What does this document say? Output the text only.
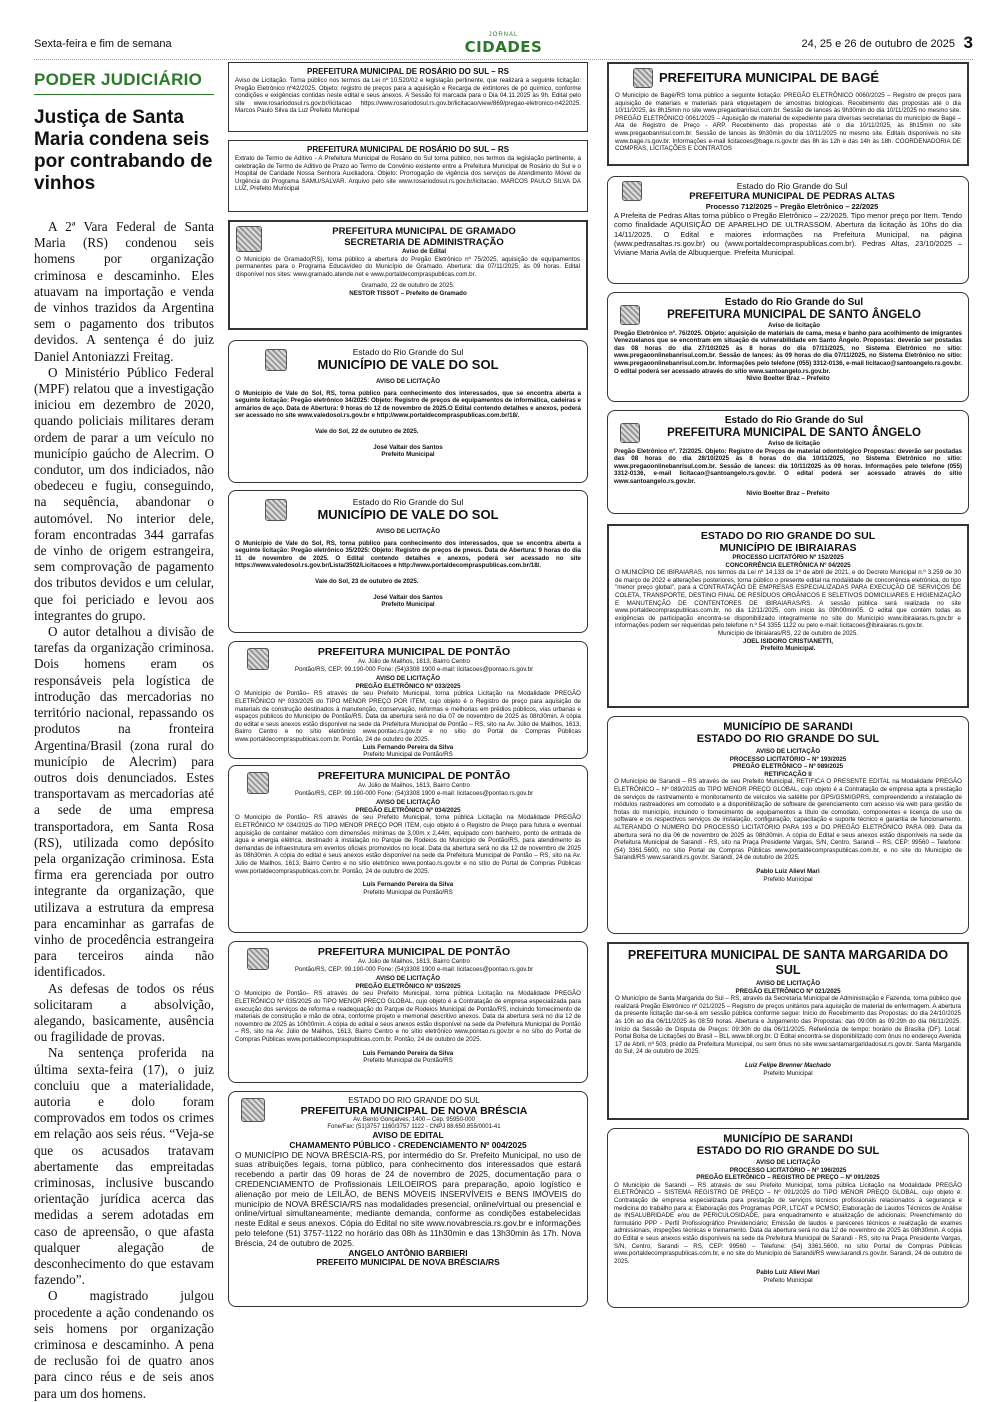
Sexta-feira e fim de semana
JORNAL
CIDADES	24, 25 e 26 de outubro de 2025 3
PODER JUDICIÁRIO
Justiça de Santa Maria condena seis por contrabando de vinhos

A 2ª Vara Federal de Santa Maria (RS) condenou seis homens por organização criminosa e descaminho. Eles atuavam na importação e venda de vinhos trazidos da Argentina sem o pagamento dos tributos devidos. A sentença é do juiz Daniel Antoniazzi Freitag.

O Ministério Público Federal (MPF) relatou que a investigação iniciou em dezembro de 2020, quando policiais militares deram ordem de parar a um veículo no município gaúcho de Alecrim. O condutor, um dos indiciados, não obedeceu e fugiu, conseguindo, na sequência, abandonar o automóvel. No interior dele, foram encontradas 344 garrafas de vinho de origem estrangeira, sem comprovação de pagamento dos tributos devidos e um celular, que foi periciado e levou aos integrantes do grupo.

O autor detalhou a divisão de tarefas da organização criminosa. Dois homens eram os responsáveis pela logística de introdução das mercadorias no território nacional, repassando os produtos na fronteira Argentina/Brasil (zona rural do município de Alecrim) para outros dois denunciados. Estes transportavam as mercadorias até a sede de uma empresa transportadora, em Santa Rosa (RS), utilizada como depósito pela organização criminosa. Esta firma era gerenciada por outro integrante da organização, que utilizava a estrutura da empresa para encaminhar as garrafas de vinho de procedência estrangeira para terceiros ainda não identificados.

As defesas de todos os réus solicitaram a absolvição, alegando, basicamente, ausência ou fragilidade de provas.

Na sentença proferida na última sexta-feira (17), o juiz concluiu que a materialidade, autoria e dolo foram comprovados em todos os crimes em relação aos seis réus. “Veja-se que os acusados tratavam abertamente das empreitadas criminosas, inclusive buscando orientação jurídica acerca das medidas a serem adotadas em caso de apreensão, o que afasta qualquer alegação de desconhecimento do que estavam fazendo”.

O magistrado julgou procedente a ação condenando os seis homens por organização criminosa e descaminho. A pena de reclusão foi de quatro anos para cinco réus e de seis anos para um dos homens.

PREFEITURA MUNICIPAL DE ROSÁRIO DO SUL – RS
Aviso de Licitação. Torna público nos termos da Lei nº 10.520/02 e legislação pertinente, que realizará a seguinte licitação: Pregão Eletrônico nº42/2025. Objeto: registro de preços para a aquisição e Recarga de extintores de pó químico, conforme condições e exigências contidas neste edital e seus anexos. A Sessão foi marcada para o Dia 04.11.2025 às 9h. Edital pelo site www.rosariodosul.rs.gov.br/licitacao https://www.rosariodosul.rs.gov.br/licitacao/view/869/pregao-eletronico-n422025. Marcos Paulo Silva da Luz Prefeito Municipal
PREFEITURA MUNICIPAL DE ROSÁRIO DO SUL – RS
Extrato de Termo de Aditivo - A Prefeitura Municipal de Rosário do Sul torna público, nos termos da legislação pertinente, a celebração de Termo de Aditivo de Prazo ao Termo de Convênio existente entre a Prefeitura Municipal de Rosário do Sul e o Hospital de Caridade Nossa Senhora Auxiliadora. Objeto: Prorrogação de vigência dos serviços de Atendimento Móvel de Urgência do Programa SAMU/SALVAR. Arquivo pelo site www.rosariodosul.rs.gov.br/licitacao. MARCOS PAULO SILVA DA LUZ, Prefeito Municipal
PREFEITURA MUNICIPAL DE GRAMADO
SECRETARIA DE ADMINISTRAÇÃO
Aviso de Edital
O Município de Gramado(RS), torna público a abertura do Pregão Eletrônico nº 75/2025, aquisição de equipamentos permanentes para o Programa Educavídeo do Município de Gramado. Abertura: dia 07/11/2025, às 09 horas. Edital disponível nos sites: www.gramado.atende.net e www.portaldecompraspublicas.com.br.
Gramado, 22 de outubro de 2025.
NESTOR TISSOT – Prefeito de Gramado
Estado do Rio Grande do Sul
MUNICÍPIO DE VALE DO SOL
AVISO DE LICITAÇÃO
O Município de Vale do Sol, RS, torna público para conhecimento dos interessados, que se encontra aberta a seguinte licitação: Pregão eletrônico 34/2025: Objeto: Registro de preços de equipamentos de informática, cadeiras e armários de aço. Data de Abertura: 9 horas do 12 de novembro de 2025.O Edital contendo detalhes e anexos, poderá ser acessado no site www.valedosol.rs.gov.br e http://www.portaldecompraspublicas.com.br/18/.
Vale do Sol, 22 de outubro de 2025.
José Valtair dos Santos
Prefeito Municipal
Estado do Rio Grande do Sul
MUNICÍPIO DE VALE DO SOL
AVISO DE LICITAÇÃO
O Município de Vale do Sol, RS, torna público para conhecimento dos interessados, que se encontra aberta a seguinte licitação: Pregão eletrônico 35/2025: Objeto: Registro de preços de pneus. Data de Abertura: 9 horas do dia 11 de novembro de 2025. O Edital contendo detalhes e anexos, poderá ser acessado no site https://www.valedosol.rs.gov.br/Lista/3502/Licitacoes e http://www.portaldecompraspublicas.com.br/18/.
Vale do Sol, 23 de outubro de 2025.
José Valtair dos Santos
Prefeito Municipal
PREFEITURA MUNICIPAL DE PONTÃO
Av. Júlio de Mailhos, 1613, Bairro Centro
Pontão/RS, CEP: 99.190-000 Fone: (54)3308 1900 e-mail: licitacoes@pontao.rs.gov.br
AVISO DE LICITAÇÃO
PREGÃO ELETRÔNICO Nº 033/2025
O Município de Pontão– RS através de seu Prefeito Municipal, torna pública Licitação na Modalidade PREGÃO ELETRÔNICO Nº 033/2025 do TIPO MENOR PREÇO POR ITEM, cujo objeto é o Registro de preço para aquisição de materiais de construção destinados à manutenção, conservação, reformas e melhorias em prédios públicos, vias urbanas e espaços públicos do Município de Pontão/RS. Data da abertura será no dia 07 de novembro de 2025 às 08h30min. A cópia do edital e seus anexos estão disponível na sede da Prefeitura Municipal de Pontão – RS, sito na Av. Júlio de Mailhos, 1613, Bairro Centro e no sítio eletrônico www.pontao.rs.gov.br e no sítio do Portal de Compras Públicas www.portaldecompraspublicas.com.br. Pontão, 24 de outubro de 2025.
Luis Fernando Pereira da Silva
Prefeito Municipal de Pontão/RS
PREFEITURA MUNICIPAL DE PONTÃO
Av. Júlio de Mailhos, 1613, Bairro Centro
Pontão/RS, CEP: 99.190-000 Fone: (54)3308 1900 e-mail: licitacoes@pontao.rs.gov.br
AVISO DE LICITAÇÃO
PREGÃO ELETRÔNICO Nº 034/2025
O Município de Pontão– RS através de seu Prefeito Municipal, torna pública Licitação na Modalidade PREGÃO ELETRÔNICO Nº 034/2025 do TIPO MENOR PREÇO POR ITEM, cujo objeto é o Registro de Preço para futura e eventual aquisição de container metálico com dimensões mínimas de 3,00m x 2,44m, equipado com banheiro, ponto de entrada de água e energia elétrica, destinado à instalação no Parque de Rodeios do Município de Pontão/RS, para atendimento às demandas de infraestrutura em eventos oficiais promovidos no local. Data da abertura será no dia 12 de novembro de 2025 às 08h30min. A cópia do edital e seus anexos estão disponível na sede da Prefeitura Municipal de Pontão – RS, sito na Av. Júlio de Mailhos, 1613, Bairro Centro e no sítio eletrônico www.pontao.rs.gov.br e no sítio do Portal de Compras Públicas www.portaldecompraspublicas.com.br. Pontão, 24 de outubro de 2025.
Luis Fernando Pereira da Silva
Prefeito Municipal de Pontão/RS
PREFEITURA MUNICIPAL DE PONTÃO
Av. Júlio de Mailhos, 1613, Bairro Centro
Pontão/RS, CEP: 99.190-000 Fone: (54)3308 1900 e-mail: licitacoes@pontao.rs.gov.br
AVISO DE LICITAÇÃO
PREGÃO ELETRÔNICO Nº 035/2025
O Município de Pontão– RS através de seu Prefeito Municipal, torna pública Licitação na Modalidade PREGÃO ELETRÔNICO Nº 035/2025 do TIPO MENOR PREÇO GLOBAL, cujo objeto é a Contratação de empresa especializada para execução dos serviços de reforma e readequação do Parque de Rodeios Municipal de Pontão/RS, incluindo fornecimento de materiais de construção e mão de obra, conforme projeto e memorial descritivo anexos. Data da abertura será no dia 12 de novembro de 2025 às 10h00min. A cópia do edital e seus anexos estão disponível na sede da Prefeitura Municipal de Pontão – RS, sito na Av. Júlio de Mailhos, 1613, Bairro Centro e no sítio eletrônico www.pontao.rs.gov.br e no sítio do Portal de Compras Públicas www.portaldecompraspublicas.com.br. Pontão, 24 de outubro de 2025.
Luis Fernando Pereira da Silva
Prefeito Municipal de Pontão/RS
ESTADO DO RIO GRANDE DO SUL
PREFEITURA MUNICIPAL DE NOVA BRÉSCIA
Av. Bento Gonçalves, 1400 – Cep. 95950-000
Fone/Fax: (51)3757 1160/3757 1122 - CNPJ 88.650.855/0001-41
AVISO DE EDITAL
CHAMAMENTO PÚBLICO - CREDENCIAMENTO Nº 004/2025
O MUNICÍPIO DE NOVA BRÉSCIA-RS, por intermédio do Sr. Prefeito Municipal, no uso de suas atribuições legais, torna público, para conhecimento dos interessados que estará recebendo a partir das 09 horas de 24 de novembro de 2025, documentação para o CREDENCIAMENTO de Profissionais LEILOEIROS para preparação, apoio logístico e alienação por meio de LEILÃO, de BENS MÓVEIS INSERVÍVEIS e BENS IMÓVEIS do município de NOVA BRÉSCIA/RS nas modalidades presencial, online/virtual ou presencial e online/virtual simultaneamente, mediante demanda, conforme as condições estabelecidas neste Edital e seus anexos. Cópia do Edital no site www.novabrescia.rs.gov.br e informações pelo telefone (51) 3757-1122 no horário das 08h às 11h30min e das 13h30min às 17h. Nova Bréscia, 24 de outubro de 2025.
ANGELO ANTÔNIO BARBIERI
PREFEITO MUNICIPAL DE NOVA BRÉSCIA/RS
PREFEITURA MUNICIPAL DE BAGÉ
O Município de Bagé/RS torna público a seguinte licitação: PREGÃO ELETRÔNICO 0060/2025 – Registro de preços para aquisição de materiais e materiais para etiquetagem de amostras biológicas. Recebimento das propostas até o dia 10/11/2025, às 8h15min no site www.pregaobanrisul.com.br. Sessão de lances às 9h30min do dia 10/11/2025 no mesmo site. PREGÃO ELETRÔNICO 0061/2025 – Aquisição de material de expediente para diversas secretarias do município de Bagé – Ata de Registro de Preço - ARP. Recebimento das propostas até o dia 10/11/2025, às 8h15min no site www.pregaobanrisul.com.br. Sessão de lances às 9h30min do dia 10/11/2025 no mesmo site. Editais disponíveis no site www.bage.rs.gov.br. Informações e-mail licitacoes@bage.rs.gov.br das 8h às 12h e das 14h às 18h. COORDENADORIA DE COMPRAS, LICITAÇÕES E CONTRATOS
Estado do Rio Grande do Sul
PREFEITURA MUNICIPAL DE PEDRAS ALTAS
Processo 712/2025 – Pregão Eletrônico – 22/2025
A Prefeita de Pedras Altas torna público o Pregão Eletrônico – 22/2025. Tipo menor preço por Item. Tendo como finalidade AQUISIÇÃO DE APARELHO DE ULTRASSOM. Abertura da licitação às 10hs do dia 14/11/2025. O Edital e maiores informações na Prefeitura Municipal, na página (www.pedrasaltas.rs.gov.br) ou (www.portaldecompraspublicas.com.br). Pedras Altas, 23/10/2025 – Viviane Maria Avila de Albuquerque. Prefeita Municipal.
Estado do Rio Grande do Sul
PREFEITURA MUNICIPAL DE SANTO ÂNGELO
Aviso de licitação
Pregão Eletrônico nº. 76/2025. Objeto: aquisição de materiais de cama, mesa e banho para acolhimento de imigrantes Venezuelanos que se encontram em situação de vulnerabilidade em Santo Ângelo. Propostas: deverão ser postadas das 08 horas do dia 27/10/2025 às 8 horas do dia 07/11/2025, no Sistema Eletrônico no sítio: www.pregaoonlinebanrisul.com.br. Sessão de lances: às 09 horas do dia 07/11/2025, no Sistema Eletrônico no sítio: www.pregaoonlinebanrisul.com.br. Informações pelo telefone (055) 3312-0136, e-mail licitacao@santoangelo.rs.gov.br. O edital poderá ser acessado através do sítio www.santoangelo.rs.gov.br.
Nivio Boelter Braz – Prefeito
Estado do Rio Grande do Sul
PREFEITURA MUNICIPAL DE SANTO ÂNGELO
Aviso de licitação
Pregão Eletrônico nº. 72/2025. Objeto: Registro de Preços de material odontológico Propostas: deverão ser postadas das 08 horas do dia 28/10/2025 às 8 horas do dia 10/11/2025, no Sistema Eletrônico no sítio: www.pregaoonlinebanrisul.com.br. Sessão de lances: dia 10/11/2025 às 09 horas. Informações pelo telefone (055) 3312-0136, e-mail licitacao@santoangelo.rs.gov.br. O edital poderá ser acessado através do sítio www.santoangelo.rs.gov.br.
Nivio Boelter Braz – Prefeito
ESTADO DO RIO GRANDE DO SUL
MUNICÍPIO DE IBIRAIARAS
PROCESSO LICITATÓRIO Nº 152/2025
CONCORRÊNCIA ELETRÔNICA Nº 04/2025
O MUNICÍPIO DE IBIRAIARAS, nos termos da Lei nº 14.133 de 1º de abril de 2021, e do Decreto Municipal n.º 3.259 de 30 de março de 2022 e alterações posteriores, torna público o presente edital na modalidade de concorrência eletrônica, do tipo "menor preço global", para a CONTRATAÇÃO DE EMPRESAS ESPECIALIZADAS PARA EXECUÇÃO DE SERVIÇOS DE COLETA, TRANSPORTE, DESTINO FINAL DE RESÍDUOS ORGÂNICOS E SELETIVOS DOMICILIARES E HIGIENIZAÇÃO E MANUTENÇÃO DE CONTENTORES DE IBIRAIARAS/RS. A sessão pública será realizada no site www.portaldecompraspublicas.com.br, no dia 12/11/2025, com início às 09h00min05. O edital que contém todas as exigências de participação encontra-se disponibilizado integralmente no site do Município www.ibiraiaras.rs.gov.br e informações podem ser requeridas pelo telefone n.º 54 3355 1122 ou pelo e-mail: licitacoes@ibiraiaras.rs.gov.br.
Município de Ibiraiaras/RS, 22 de outubro de 2025.
JOEL ISIDORO CRISTIANETTI,
Prefeito Municipal.
MUNICÍPIO DE SARANDI
ESTADO DO RIO GRANDE DO SUL
AVISO DE LICITAÇÃO
PROCESSO LICITATÓRIO – Nº 193/2025
PREGÃO ELETRÔNICO – Nº 089/2025
RETIFICAÇÃO II
O Município de Sarandi – RS através de seu Prefeito Municipal, RETIFICA O PRESENTE EDITAL na Modalidade PREGÃO ELETRÔNICO – Nº 089/2025 do TIPO MENOR PREÇO GLOBAL, cujo objeto é a Contratação de empresa apta a prestação de serviços de rastreamento e monitoramento de veículos via satélite por GPS/GSM/GPRS, compreendendo a instalação de módulos rastreadores em comodato e a disponibilização de software de gerenciamento com acesso via web para gestão de frotas do município, incluindo o fornecimento de equipamentos a título de comodato, componentes e licença de uso de software e os respectivos serviços de instalação, configuração, capacitação e suporte técnico e garantia de funcionamento. ALTERANDO O NÚMERO DO PROCESSO LICITATÓRIO PARA 193 e DO PREGÃO ELETRÔNICO PARA 089. Data da abertura será no dia 06 de novembro de 2025 às 08h30min. A cópia do Edital e seus anexos estão disponíveis na sede da Prefeitura Municipal de Sarandi - RS, sito na Praça Presidente Vargas, S/N, Centro, Sarandi – RS, CEP: 99560 – Telefone: (54) 3361.5600, no sítio Portal de Compras Públicas www.portaldecompraspublicas.com.br, e no site do Município de Sarandi/RS www.sarandi.rs.gov.br. Sarandi, 24 de outubro de 2025.
Pablo Luiz Alievi Mari
Prefeito Municipal
PREFEITURA MUNICIPAL DE SANTA MARGARIDA DO SUL
AVISO DE LICITAÇÃO
PREGÃO ELETRÔNICO Nº 021/2025
O Município de Santa Margarida do Sul – RS, através da Secretaria Municipal de Administração e Fazenda, torna público que realizará Pregão Eletrônico nº 021/2025 – Registro de preços unitários para aquisição de material de enfermagem. A abertura da presente licitação dar-se-á em sessão pública conforme segue: Início do Recebimento das Propostas: do dia 24/10/2025 às 10h ao dia 06/11/2025 às 08:59 horas. Abertura e Julgamento das Propostas: das 09:00h às 09:29h do dia 06/11/2025. Início da Sessão de Disputa de Preços: 09:30h do dia 06/11/2025. Referência de tempo: horário de Brasília (DF). Local: Portal Bolsa de Licitações do Brasil – BLL www.bll.org.br. O Edital encontra-se disponibilizado com ônus no endereço Avenida 17 de Abril, nº 503, prédio da Prefeitura Municipal, ou sem ônus no site www.santamargaridadosul.rs.gov.br. Santa Margarida do Sul, 24 de outubro de 2025.
Luiz Felipe Brenner Machado
Prefeito Municipal
MUNICÍPIO DE SARANDI
ESTADO DO RIO GRANDE DO SUL
AVISO DE LICITAÇÃO
PROCESSO LICITATÓRIO – Nº 196/2025
PREGÃO ELETRÔNICO – REGISTRO DE PREÇO – Nº 091/2025
O Município de Sarandi – RS através de seu Prefeito Municipal, torna pública Licitação na Modalidade PREGÃO ELETRÔNICO – SISTEMA REGISTRO DE PREÇO – Nº 091/2025 do TIPO MENOR PREÇO GLOBAL, cujo objeto é: Contratação de empresa especializada para prestação de serviços técnicos profissionais relacionados à segurança e medicina do trabalho para a: Elaboração dos Programas PGR, LTCAT e PCMSO; Elaboração de Laudos Técnicos de Análise de INSALUBRIDADE e/ou de PERICULOSIDADE, para enquadramento e atualização de adicionais; Preenchimento do formulário PPP - Perfil Profissiográfico Previdenciário; Emissão de laudos e pareceres técnicos e realização de exames admissionais, inspeções técnicas e treinamento. Data da abertura será no dia 12 de novembro de 2025 às 08h30min. A cópia do Edital e seus anexos estão disponíveis na sede da Prefeitura Municipal de Sarandi - RS, sito na Praça Presidente Vargas, S/N, Centro, Sarandi – RS, CEP: 99560 – Telefone: (54) 3361.5600, no sítio Portal de Compras Públicas www.portaldecompraspublicas.com.br, e no site do Município de Sarandi/RS www.sarandi.rs.gov.br. Sarandi, 24 de outubro de 2025.
Pablo Luiz Alievi Mari
Prefeito Municipal
